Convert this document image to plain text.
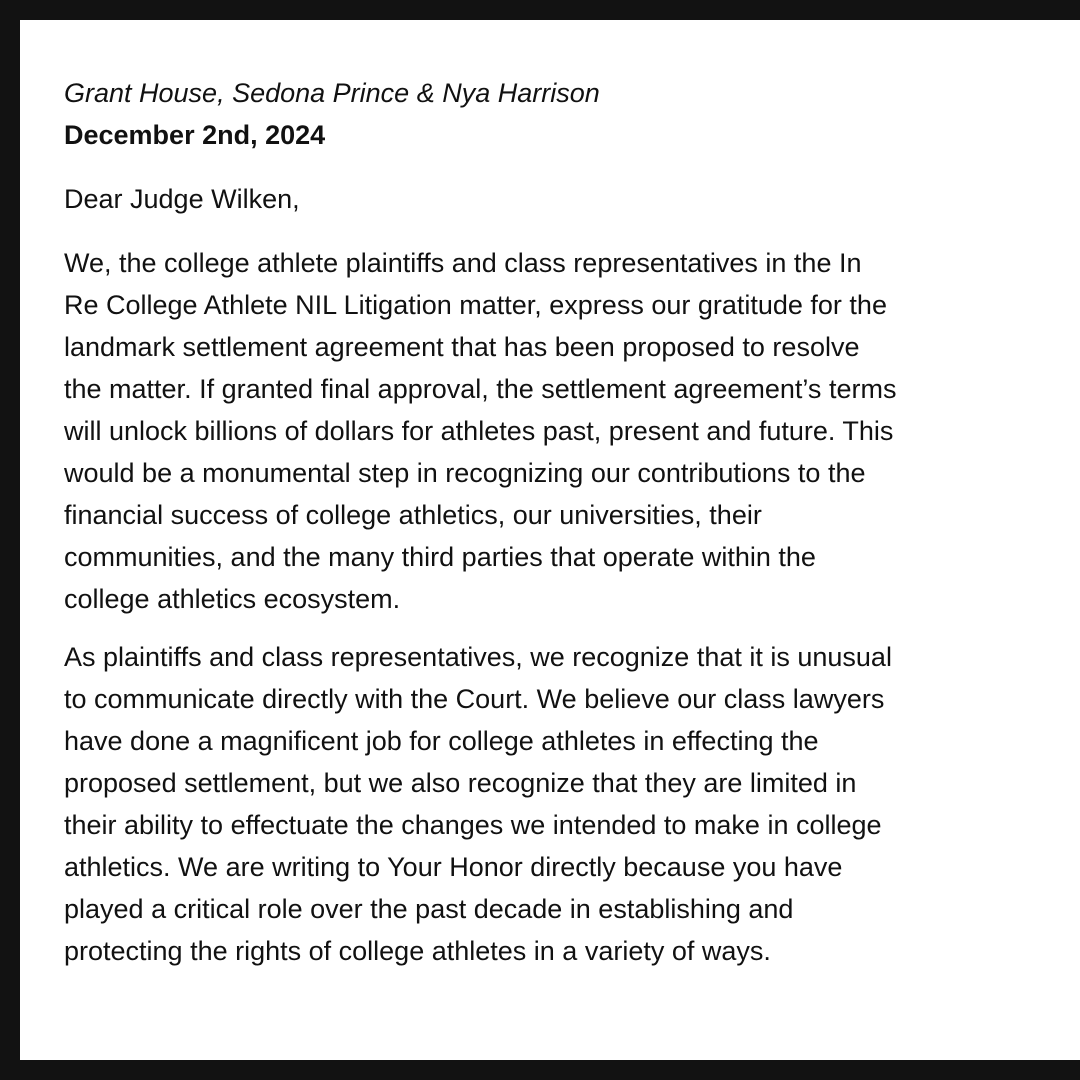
Grant House, Sedona Prince & Nya Harrison

December 2nd, 2024

Dear Judge Wilken,

We, the college athlete plaintiffs and class representatives in the In
Re College Athlete NIL Litigation matter, express our gratitude for the
landmark settlement agreement that has been proposed to resolve
the matter. If granted final approval, the settlement agreement’s terms
will unlock billions of dollars for athletes past, present and future. This
would be a monumental step in recognizing our contributions to the
financial success of college athletics, our universities, their
communities, and the many third parties that operate within the
college athletics ecosystem.

As plaintiffs and class representatives, we recognize that it is unusual
to communicate directly with the Court. We believe our class lawyers
have done a magnificent job for college athletes in effecting the
proposed settlement, but we also recognize that they are limited in
their ability to effectuate the changes we intended to make in college
athletics. We are writing to Your Honor directly because you have
played a critical role over the past decade in establishing and
protecting the rights of college athletes in a variety of ways.
